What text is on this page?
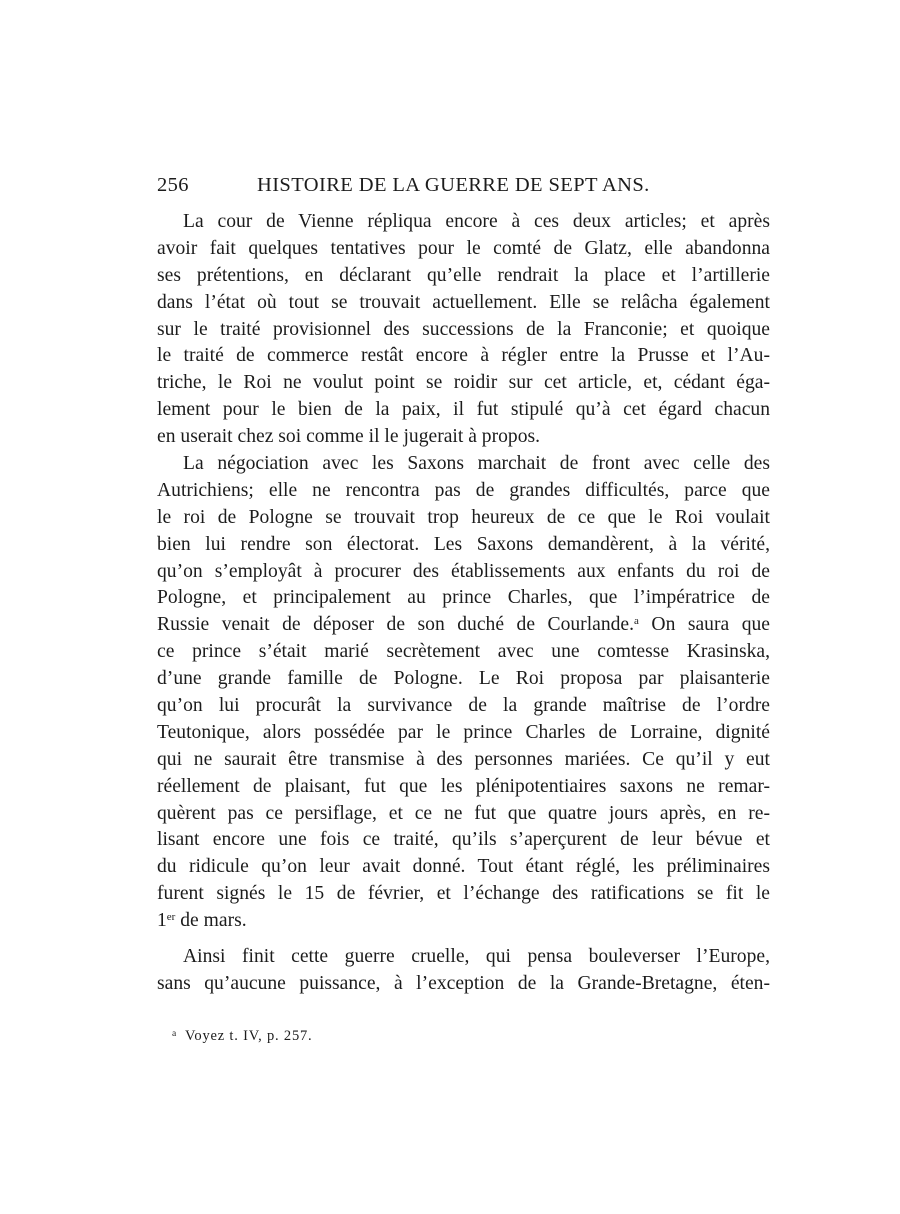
256	HISTOIRE DE LA GUERRE DE SEPT ANS.
La cour de Vienne répliqua encore à ces deux articles; et après
avoir fait quelques tentatives pour le comté de Glatz, elle abandonna
ses prétentions, en déclarant qu’elle rendrait la place et l’artillerie
dans l’état où tout se trouvait actuellement. Elle se relâcha également
sur le traité provisionnel des successions de la Franconie; et quoique
le traité de commerce restât encore à régler entre la Prusse et l’Au-
triche, le Roi ne voulut point se roidir sur cet article, et, cédant éga-
lement pour le bien de la paix, il fut stipulé qu’à cet égard chacun
en userait chez soi comme il le jugerait à propos.
La négociation avec les Saxons marchait de front avec celle des
Autrichiens; elle ne rencontra pas de grandes difficultés, parce que
le roi de Pologne se trouvait trop heureux de ce que le Roi voulait
bien lui rendre son électorat. Les Saxons demandèrent, à la vérité,
qu’on s’employât à procurer des établissements aux enfants du roi de
Pologne, et principalement au prince Charles, que l’impératrice de
Russie venait de déposer de son duché de Courlande.$^a$ On saura que
ce prince s’était marié secrètement avec une comtesse Krasinska,
d’une grande famille de Pologne. Le Roi proposa par plaisanterie
qu’on lui procurât la survivance de la grande maîtrise de l’ordre
Teutonique, alors possédée par le prince Charles de Lorraine, dignité
qui ne saurait être transmise à des personnes mariées. Ce qu’il y eut
réellement de plaisant, fut que les plénipotentiaires saxons ne remar-
quèrent pas ce persiflage, et ce ne fut que quatre jours après, en re-
lisant encore une fois ce traité, qu’ils s’aperçurent de leur bévue et
du ridicule qu’on leur avait donné. Tout étant réglé, les préliminaires
furent signés le 15 de février, et l’échange des ratifications se fit le
1er de mars.
Ainsi finit cette guerre cruelle, qui pensa bouleverser l’Europe,
sans qu’aucune puissance, à l’exception de la Grande-Bretagne, éten-
$^a$ Voyez t. IV, p. 257.
